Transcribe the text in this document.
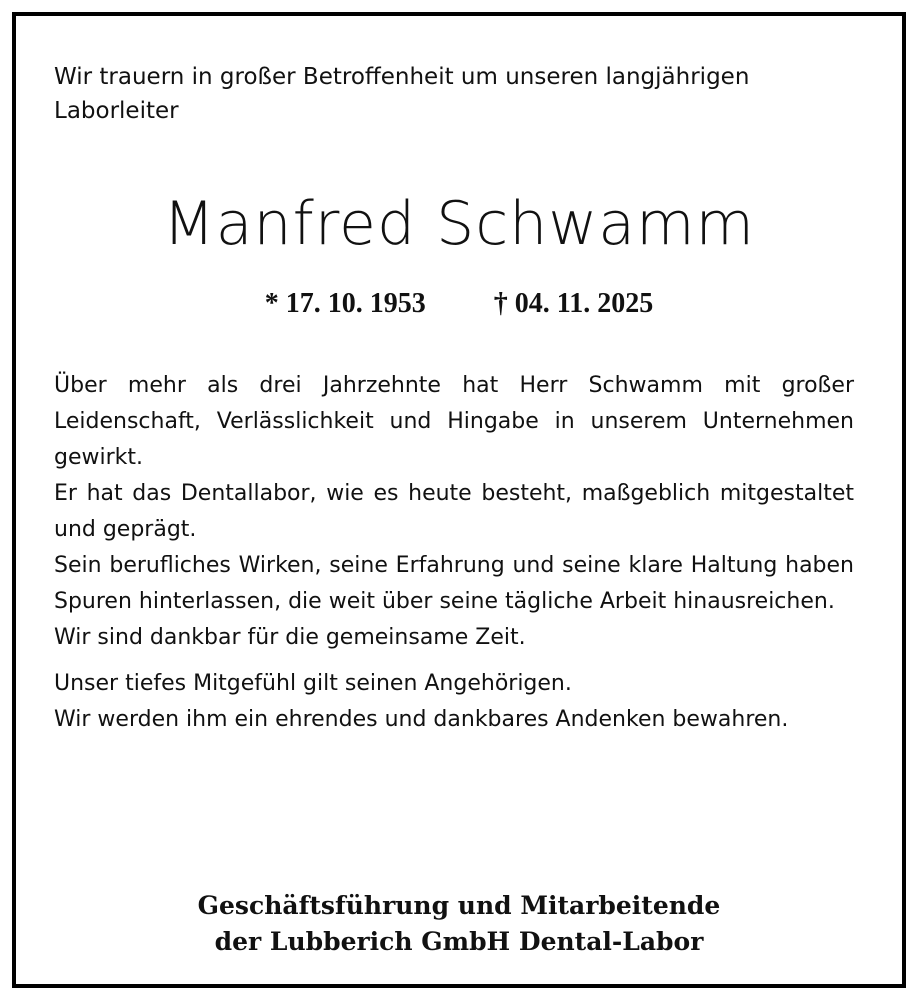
Wir trauern in großer Betroffenheit um unseren langjährigen Laborleiter

Manfred Schwamm
* 17. 10. 1953 † 04. 11. 2025

Über mehr als drei Jahrzehnte hat Herr Schwamm mit großer Leidenschaft, Verlässlichkeit und Hingabe in unserem Unternehmen gewirkt.

Er hat das Dentallabor, wie es heute besteht, maßgeblich mitgestaltet und geprägt.

Sein berufliches Wirken, seine Erfahrung und seine klare Haltung haben Spuren hinterlassen, die weit über seine tägliche Arbeit hinausreichen.

Wir sind dankbar für die gemeinsame Zeit.

Unser tiefes Mitgefühl gilt seinen Angehörigen.

Wir werden ihm ein ehrendes und dankbares Andenken bewahren.

Geschäftsführung und Mitarbeitende
der Lubberich GmbH Dental-Labor
